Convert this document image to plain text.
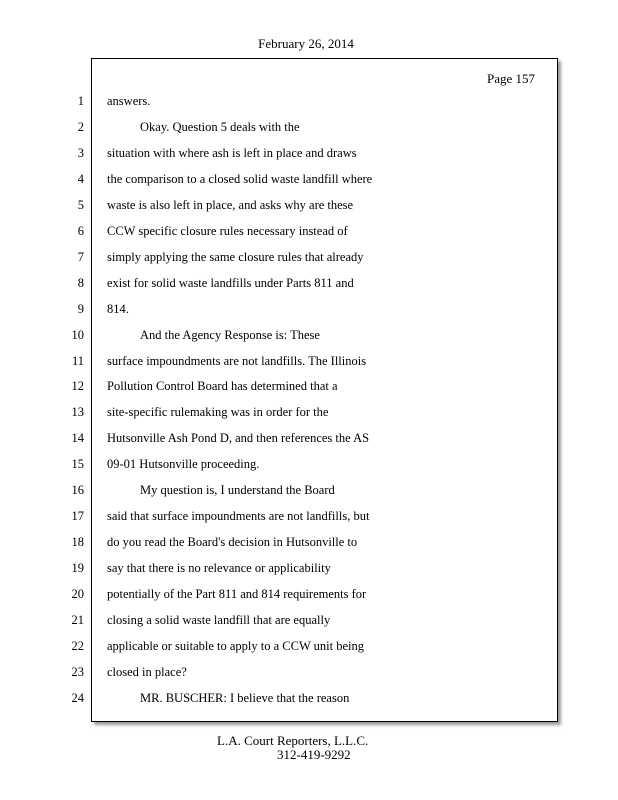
February 26, 2014
Page 157
1 answers.
2	Okay. Question 5 deals with the
3 situation with where ash is left in place and draws
4 the comparison to a closed solid waste landfill where
5 waste is also left in place, and asks why are these
6 CCW specific closure rules necessary instead of
7 simply applying the same closure rules that already
8 exist for solid waste landfills under Parts 811 and
9 814.
10	And the Agency Response is: These
11 surface impoundments are not landfills. The Illinois
12 Pollution Control Board has determined that a
13 site-specific rulemaking was in order for the
14 Hutsonville Ash Pond D, and then references the AS
15 09-01 Hutsonville proceeding.
16	My question is, I understand the Board
17 said that surface impoundments are not landfills, but
18 do you read the Board's decision in Hutsonville to
19 say that there is no relevance or applicability
20 potentially of the Part 811 and 814 requirements for
21 closing a solid waste landfill that are equally
22 applicable or suitable to apply to a CCW unit being
23 closed in place?
24	MR. BUSCHER: I believe that the reason
L.A. Court Reporters, L.L.C.
312-419-9292
